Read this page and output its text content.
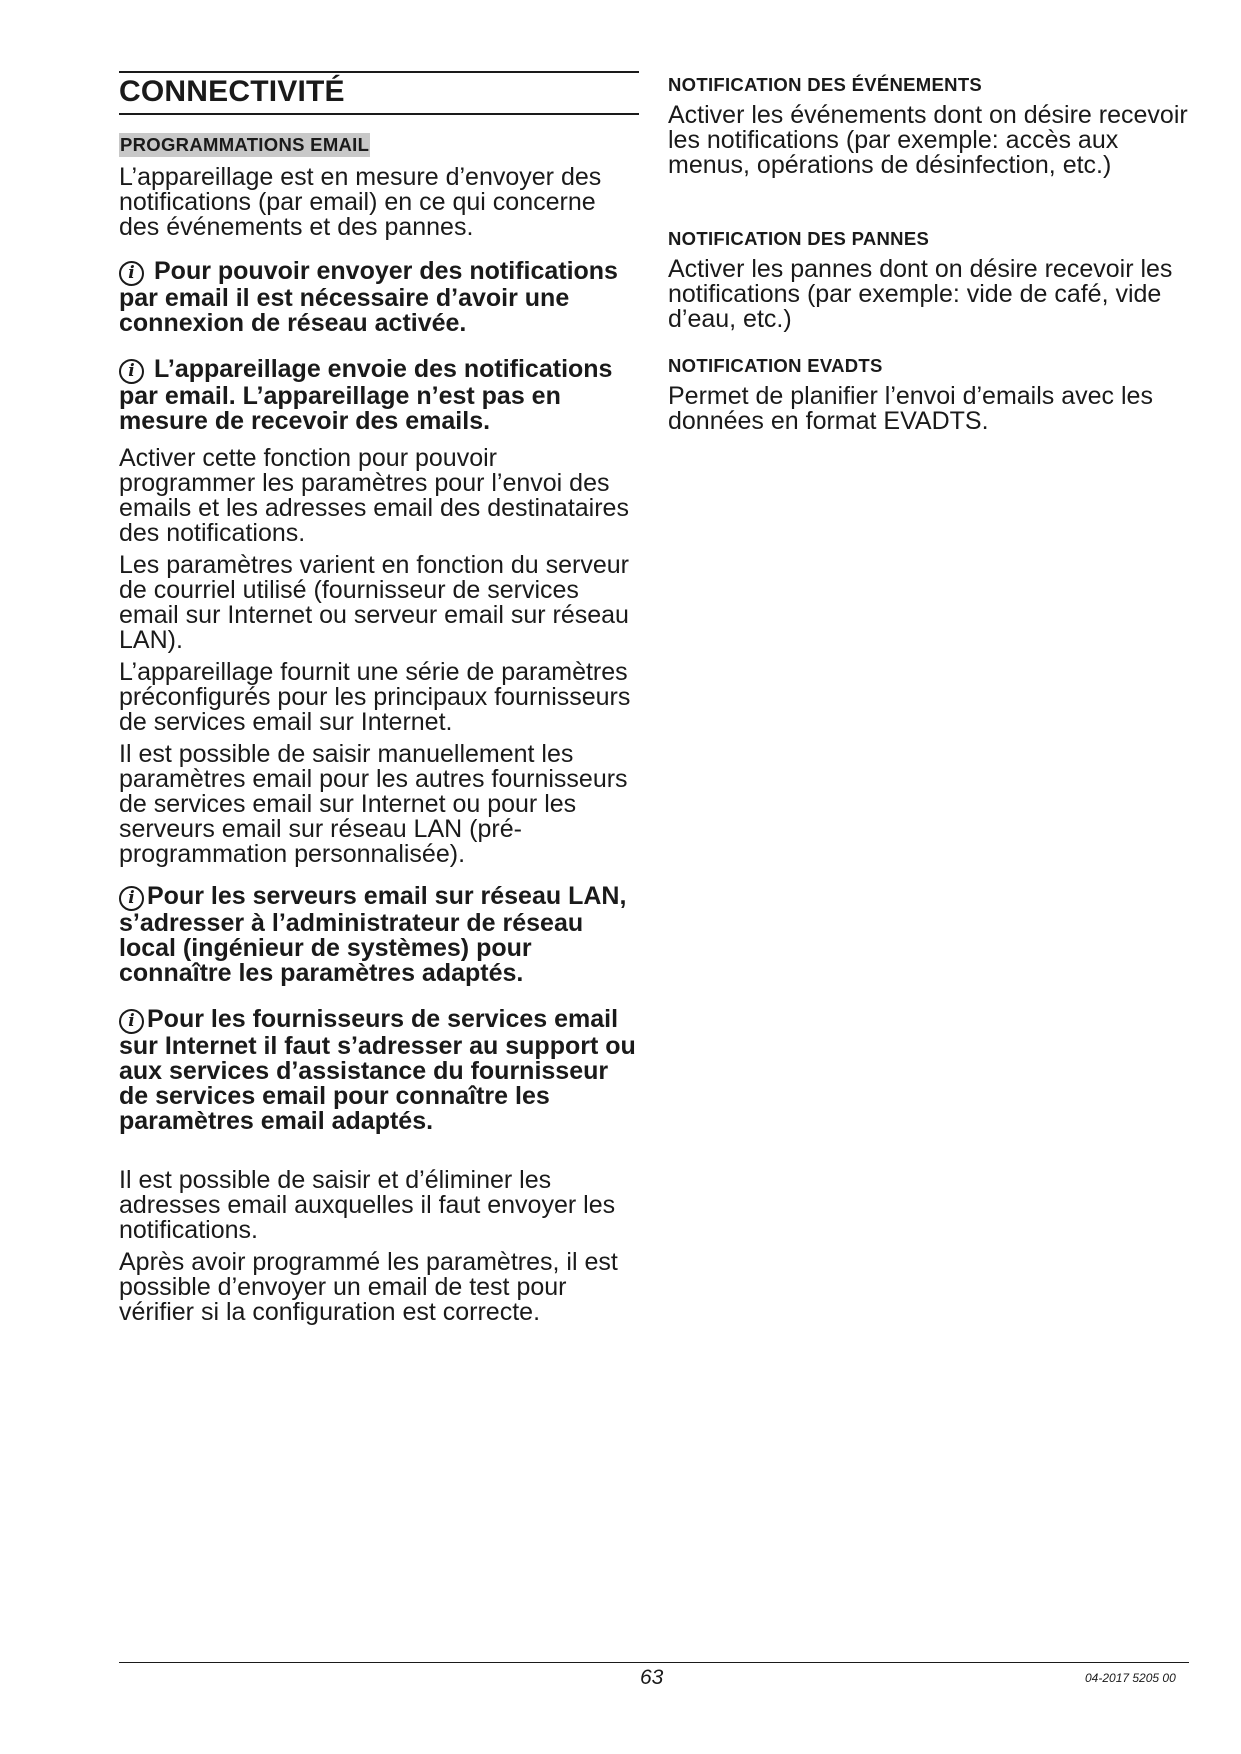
CONNECTIVITÉ

PROGRAMMATIONS EMAIL

L’appareillage est en mesure d’envoyer des notifications (par email) en ce qui concerne des événements et des pannes.

i Pour pouvoir envoyer des notifications par email il est nécessaire d’avoir une connexion de réseau activée.

i L’appareillage envoie des notifications par email. L’appareillage n’est pas en mesure de recevoir des emails.

Activer cette fonction pour pouvoir programmer les paramètres pour l’envoi des emails et les adresses email des destinataires des notifications.

Les paramètres varient en fonction du serveur de courriel utilisé (fournisseur de services email sur Internet ou serveur email sur réseau LAN).

L’appareillage fournit une série de paramètres préconfigurés pour les principaux fournisseurs de services email sur Internet.

Il est possible de saisir manuellement les paramètres email pour les autres fournisseurs de services email sur Internet ou pour les serveurs email sur réseau LAN (pré-programmation personnalisée).

i Pour les serveurs email sur réseau LAN, s’adresser à l’administrateur de réseau local (ingénieur de systèmes) pour connaître les paramètres adaptés.

i Pour les fournisseurs de services email sur Internet il faut s’adresser au support ou aux services d’assistance du fournisseur de services email pour connaître les paramètres email adaptés.

Il est possible de saisir et d’éliminer les adresses email auxquelles il faut envoyer les notifications.

Après avoir programmé les paramètres, il est possible d’envoyer un email de test pour vérifier si la configuration est correcte.

NOTIFICATION DES ÉVÉNEMENTS

Activer les événements dont on désire recevoir les notifications (par exemple: accès aux menus, opérations de désinfection, etc.)

NOTIFICATION DES PANNES

Activer les pannes dont on désire recevoir les notifications (par exemple: vide de café, vide d’eau, etc.)

NOTIFICATION EVADTS

Permet de planifier l’envoi d’emails avec les données en format EVADTS.

63	04-2017 5205 00
